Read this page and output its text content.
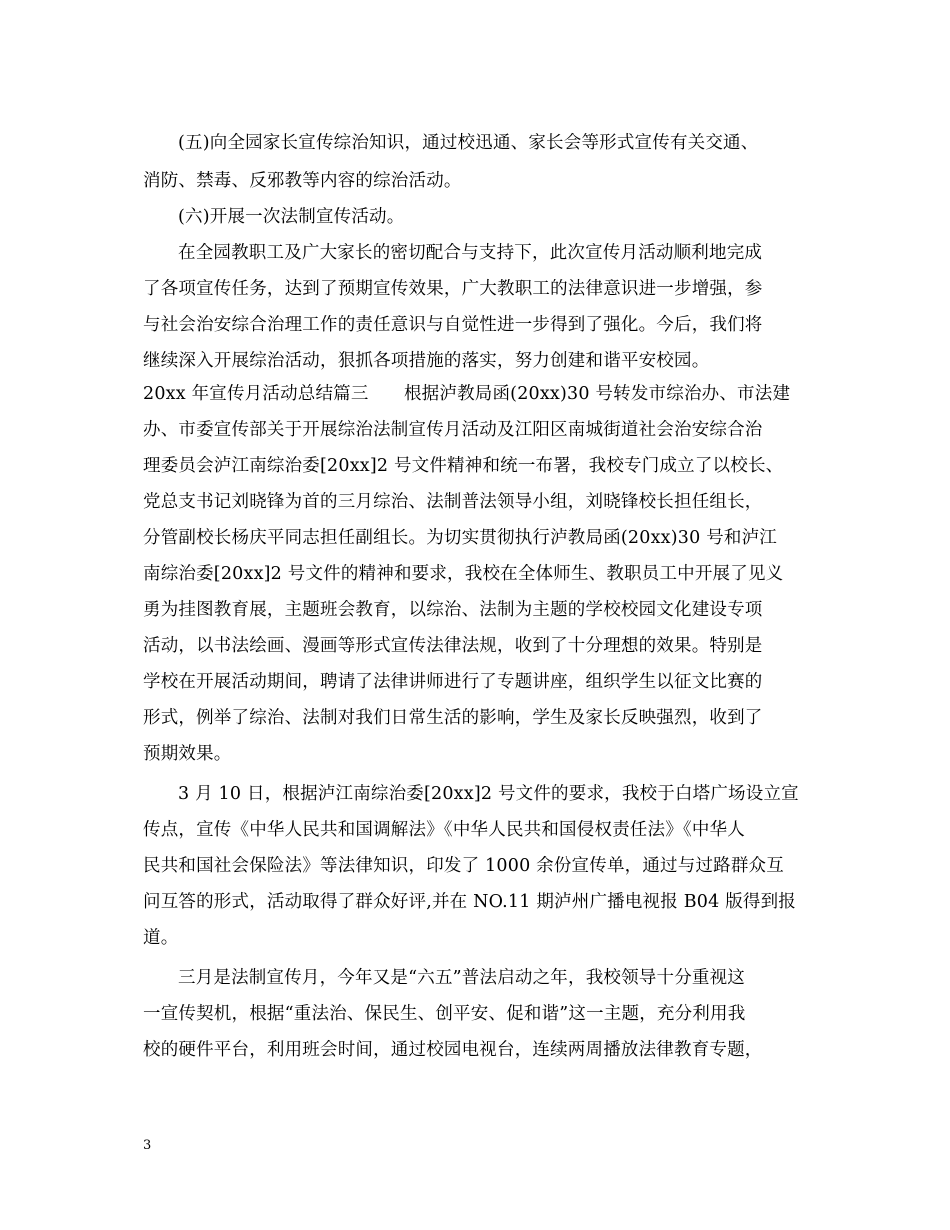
(五)向全园家长宣传综治知识，通过校迅通、家长会等形式宣传有关交通、
消防、禁毒、反邪教等内容的综治活动。
(六)开展一次法制宣传活动。
在全园教职工及广大家长的密切配合与支持下，此次宣传月活动顺利地完成
了各项宣传任务，达到了预期宣传效果，广大教职工的法律意识进一步增强，参
与社会治安综合治理工作的责任意识与自觉性进一步得到了强化。今后，我们将
继续深入开展综治活动，狠抓各项措施的落实，努力创建和谐平安校园。
20xx 年宣传月活动总结篇三　　根据泸教局函(20xx)30 号转发市综治办、市法建
办、市委宣传部关于开展综治法制宣传月活动及江阳区南城街道社会治安综合治
理委员会泸江南综治委[20xx]2 号文件精神和统一布署，我校专门成立了以校长、
党总支书记刘晓锋为首的三月综治、法制普法领导小组，刘晓锋校长担任组长，
分管副校长杨庆平同志担任副组长。为切实贯彻执行泸教局函(20xx)30 号和泸江
南综治委[20xx]2 号文件的精神和要求，我校在全体师生、教职员工中开展了见义
勇为挂图教育展，主题班会教育，以综治、法制为主题的学校校园文化建设专项
活动，以书法绘画、漫画等形式宣传法律法规，收到了十分理想的效果。特别是
学校在开展活动期间，聘请了法律讲师进行了专题讲座，组织学生以征文比赛的
形式，例举了综治、法制对我们日常生活的影响，学生及家长反映强烈，收到了
预期效果。
3 月 10 日，根据泸江南综治委[20xx]2 号文件的要求，我校于白塔广场设立宣
传点，宣传《中华人民共和国调解法》《中华人民共和国侵权责任法》《中华人
民共和国社会保险法》等法律知识，印发了 1000 余份宣传单，通过与过路群众互
问互答的形式，活动取得了群众好评,并在 NO.11 期泸州广播电视报 B04 版得到报
道。
三月是法制宣传月，今年又是“六五”普法启动之年，我校领导十分重视这
一宣传契机，根据“重法治、保民生、创平安、促和谐”这一主题，充分利用我
校的硬件平台，利用班会时间，通过校园电视台，连续两周播放法律教育专题，
3
